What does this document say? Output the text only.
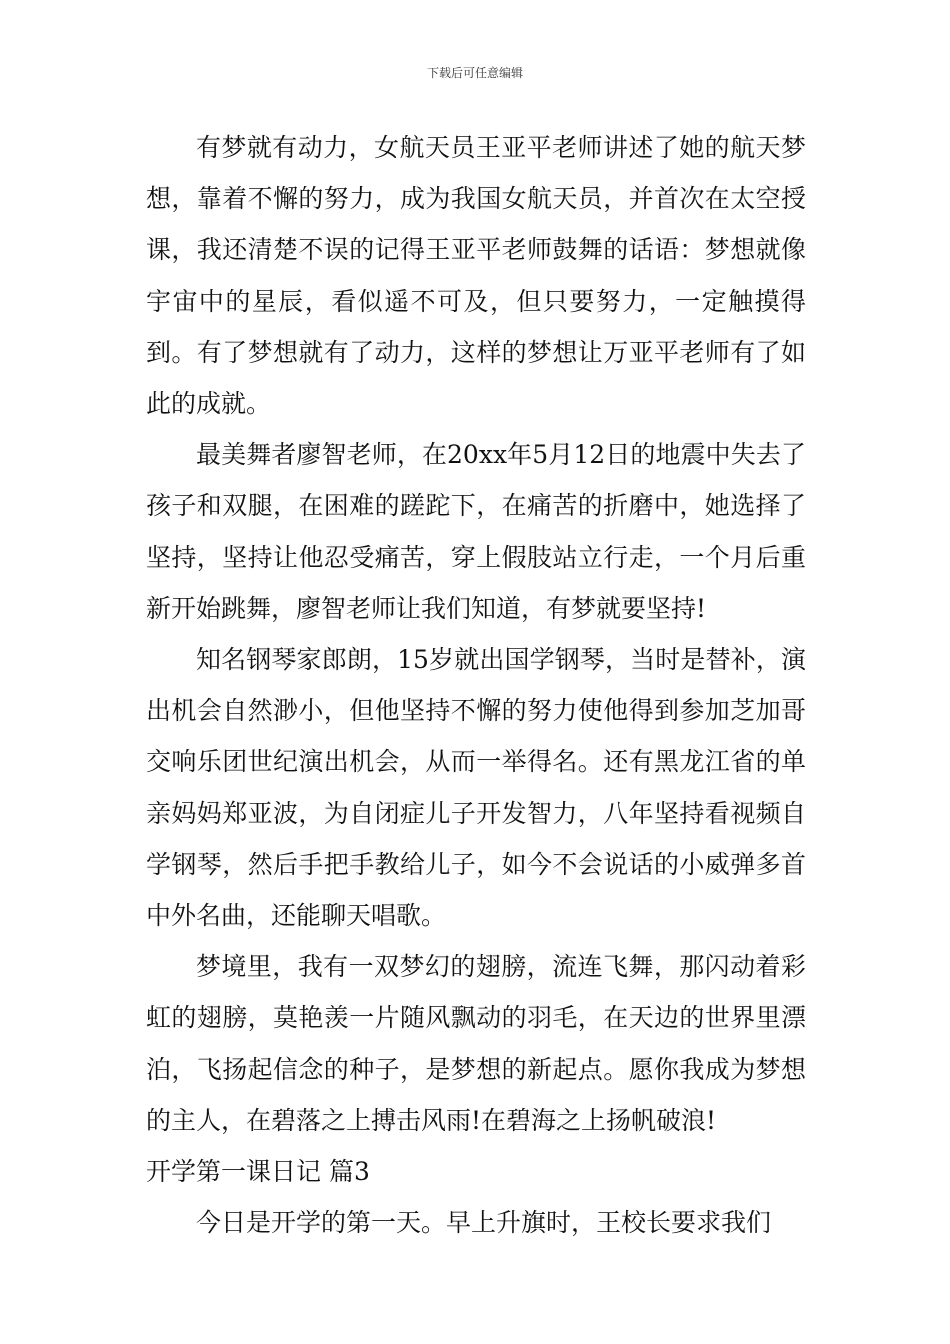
下载后可任意编辑

有梦就有动力，女航天员王亚平老师讲述了她的航天梦想，靠着不懈的努力，成为我国女航天员，并首次在太空授课，我还清楚不误的记得王亚平老师鼓舞的话语：梦想就像宇宙中的星辰，看似遥不可及，但只要努力，一定触摸得到。有了梦想就有了动力，这样的梦想让万亚平老师有了如此的成就。

最美舞者廖智老师，在20xx年5月12日的地震中失去了孩子和双腿，在困难的蹉跎下，在痛苦的折磨中，她选择了坚持，坚持让他忍受痛苦，穿上假肢站立行走，一个月后重新开始跳舞，廖智老师让我们知道，有梦就要坚持!

知名钢琴家郎朗，15岁就出国学钢琴，当时是替补，演出机会自然渺小，但他坚持不懈的努力使他得到参加芝加哥交响乐团世纪演出机会，从而一举得名。还有黑龙江省的单亲妈妈郑亚波，为自闭症儿子开发智力，八年坚持看视频自学钢琴，然后手把手教给儿子，如今不会说话的小威弹多首中外名曲，还能聊天唱歌。

梦境里，我有一双梦幻的翅膀，流连飞舞，那闪动着彩虹的翅膀，莫艳羡一片随风飘动的羽毛，在天边的世界里漂泊，飞扬起信念的种子，是梦想的新起点。愿你我成为梦想的主人，在碧落之上搏击风雨!在碧海之上扬帆破浪!

开学第一课日记 篇3

今日是开学的第一天。早上升旗时，王校长要求我们
